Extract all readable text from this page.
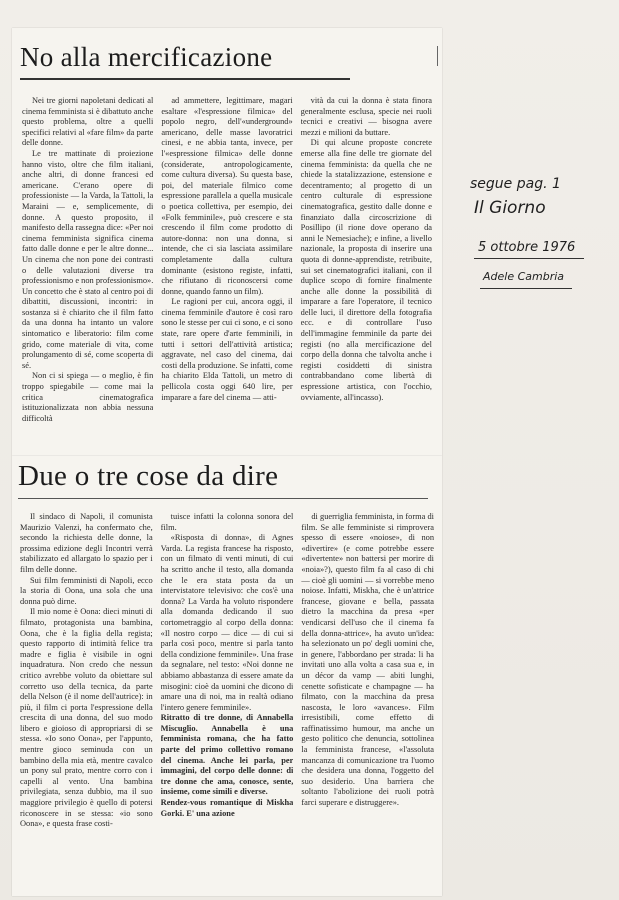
No alla mercificazione

Nei tre giorni napoletani dedicati al cinema femminista si è dibattuto anche questo problema, oltre a quelli specifici relativi al «fare film» da parte delle donne.

Le tre mattinate di proiezione hanno visto, oltre che film italiani, anche altri, di donne francesi ed americane. C'erano opere di professioniste — la Varda, la Tattoli, la Maraini — e, semplicemente, di donne. A questo proposito, il manifesto della rassegna dice: «Per noi cinema femminista significa cinema fatto dalle donne e per le altre donne... Un cinema che non pone dei contrasti o delle valutazioni diverse tra professionismo e non professionismo». Un concetto che è stato al centro poi di dibattiti, discussioni, incontri: in sostanza si è chiarito che il film fatto da una donna ha intanto un valore sintomatico e liberatorio: film come grido, come materiale di vita, come prolungamento di sé, come scoperta di sé.

Non ci si spiega — o meglio, è fin troppo spiegabile — come mai la critica cinematografica istituzionalizzata non abbia nessuna difficoltà

ad ammettere, legittimare, magari esaltare «l'espressione filmica» del popolo negro, dell'«underground» americano, delle masse lavoratrici cinesi, e ne abbia tanta, invece, per l'«espressione filmica» delle donne (considerate, antropologicamente, come cultura diversa). Su questa base, poi, del materiale filmico come espressione parallela a quella musicale o poetica collettiva, per esempio, dei «Folk femminile», può crescere e sta crescendo il film come prodotto di autore-donna: non una donna, si intende, che ci sia lasciata assimilare completamente dalla cultura dominante (esistono registe, infatti, che rifiutano di riconoscersi come donne, quando fanno un film).

Le ragioni per cui, ancora oggi, il cinema femminile d'autore è così raro sono le stesse per cui ci sono, e ci sono state, rare opere d'arte femminili, in tutti i settori dell'attività artistica; aggravate, nel caso del cinema, dai costi della produzione. Se infatti, come ha chiarito Elda Tattoli, un metro di pellicola costa oggi 640 lire, per imparare a fare del cinema — atti-

vità da cui la donna è stata finora generalmente esclusa, specie nei ruoli tecnici e creativi — bisogna avere mezzi e milioni da buttare.

Di qui alcune proposte concrete emerse alla fine delle tre giornate del cinema femminista: da quella che ne chiede la statalizzazione, estensione e decentramento; al progetto di un centro culturale di espressione cinematografica, gestito dalle donne e finanziato dalla circoscrizione di Posillipo (il rione dove operano da anni le Nemesiache); e infine, a livello nazionale, la proposta di inserire una quota di donne-apprendiste, retribuite, sui set cinematografici italiani, con il duplice scopo di fornire finalmente anche alle donne la possibilità di imparare a fare l'operatore, il tecnico delle luci, il direttore della fotografia ecc. e di controllare l'uso dell'immagine femminile da parte dei registi (no alla mercificazione del corpo della donna che talvolta anche i registi cosiddetti di sinistra contrabbandano come libertà di espressione artistica, con l'occhio, ovviamente, all'incasso).

Due o tre cose da dire

Il sindaco di Napoli, il comunista Maurizio Valenzi, ha confermato che, secondo la richiesta delle donne, la prossima edizione degli Incontri verrà stabilizzato ed allargato lo spazio per i film delle donne.

Sui film femministi di Napoli, ecco la storia di Oona, una sola che una donna può dirne.

Il mio nome è Oona: dieci minuti di filmato, protagonista una bambina, Oona, che è la figlia della regista; questo rapporto di intimità felice tra madre e figlia è visibile in ogni inquadratura. Non credo che nessun critico avrebbe voluto da obiettare sul corretto uso della tecnica, da parte della Nelson (è il nome dell'autrice): in più, il film ci porta l'espressione della crescita di una donna, del suo modo libero e gioioso di appropriarsi di se stessa. «Io sono Oona», per l'appunto, mentre gioco seminuda con un bambino della mia età, mentre cavalco un pony sul prato, mentre corro con i capelli al vento. Una bambina privilegiata, senza dubbio, ma il suo maggiore privilegio è quello di potersi riconoscere in se stessa: «io sono Oona», e questa frase costi-

tuisce infatti la colonna sonora del film.

«Risposta di donna», di Agnes Varda. La regista francese ha risposto, con un filmato di venti minuti, di cui ha scritto anche il testo, alla domanda che le era stata posta da un intervistatore televisivo: che cos'è una donna? La Varda ha voluto rispondere alla domanda dedicando il suo cortometraggio al corpo della donna: «Il nostro corpo — dice — di cui si parla così poco, mentre si parla tanto della condizione femminile». Una frase da segnalare, nel testo: «Noi donne ne abbiamo abbastanza di essere amate da misogini: cioè da uomini che dicono di amare una di noi, ma in realtà odiano l'intero genere femminile».

Ritratto di tre donne, di Annabella Miscuglio. Annabella è una femminista romana, che ha fatto parte del primo collettivo romano del cinema. Anche lei parla, per immagini, del corpo delle donne: di tre donne che ama, conosce, sente, insieme, come simili e diverse.

Rendez-vous romantique di Miskha Gorki. E' una azione

di guerriglia femminista, in forma di film. Se alle femministe si rimprovera spesso di essere «noiose», di non «divertire» (e come potrebbe essere «divertente» non battersi per morire di «noia»?), questo film fa al caso di chi — cioè gli uomini — si vorrebbe meno noiose. Infatti, Miskha, che è un'attrice francese, giovane e bella, passata dietro la macchina da presa «per vendicarsi dell'uso che il cinema fa della donna-attrice», ha avuto un'idea: ha selezionato un po' degli uomini che, in genere, l'abbordano per strada: li ha invitati uno alla volta a casa sua e, in un décor da vamp — abiti lunghi, cenette sofisticate e champagne — ha filmato, con la macchina da presa nascosta, le loro «avances». Film irresistibili, come effetto di raffinatissimo humour, ma anche un gesto politico che denuncia, sottolinea la femminista francese, «l'assoluta mancanza di comunicazione tra l'uomo che desidera una donna, l'oggetto del suo desiderio. Una barriera che soltanto l'abolizione dei ruoli potrà farci superare e distruggere».

segue pag. 1
Il Giorno
5 ottobre 1976
Adele Cambria
